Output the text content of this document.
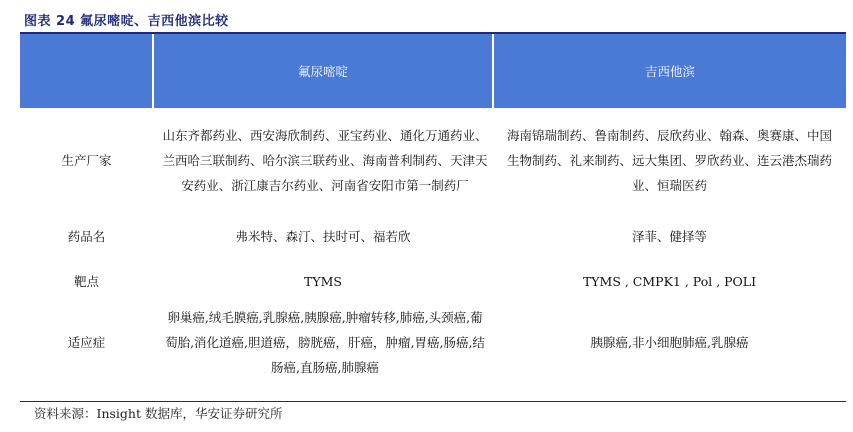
图表 24 氟尿嘧啶、吉西他滨比较
	氟尿嘧啶	吉西他滨
生产厂家	山东齐都药业、西安海欣制药、亚宝药业、通化万通药业、兰西哈三联制药、哈尔滨三联药业、海南普利制药、天津天安药业、浙江康吉尔药业、河南省安阳市第一制药厂	海南锦瑞制药、鲁南制药、辰欣药业、翰森、奥赛康、中国生物制药、礼来制药、远大集团、罗欣药业、连云港杰瑞药业、恒瑞医药
药品名	弗米特、森汀、扶时可、福若欣	泽菲、健择等
靶点	TYMS	TYMS , CMPK1 , Pol , POLI
适应症	卵巢癌,绒毛膜癌,乳腺癌,胰腺癌,肿瘤转移,肺癌,头颈癌,葡萄胎,消化道癌,胆道癌，膀胱癌，肝癌，肿瘤,胃癌,肠癌,结肠癌,直肠癌,肺腺癌	胰腺癌,非小细胞肺癌,乳腺癌
资料来源：Insight 数据库，华安证券研究所
